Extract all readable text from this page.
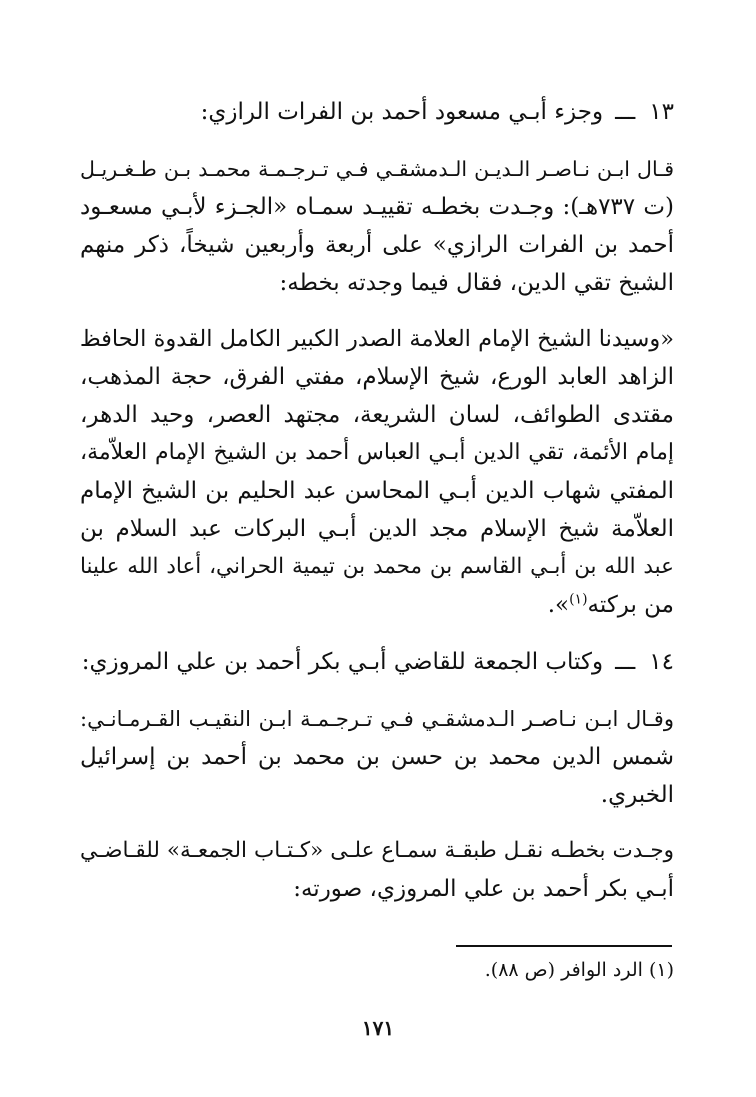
١٣ـــوجزء أبـي مسعود أحمد بن الفرات الرازي:
قـال ابـن نـاصـر الـديـن الـدمشقـي فـي تـرجـمـة محمـد بـن طـغـريـل
(ت ٧٣٧هـ): وجـدت بخطـه تقييـد سمـاه «الجـزء لأبـي مسعـود
أحمد بن الفرات الرازي» على أربعة وأربعين شيخاً، ذكر منهم
الشيخ تقي الدين، فقال فيما وجدته بخطه:
«وسيدنا الشيخ الإمام العلامة الصدر الكبير الكامل القدوة الحافظ
الزاهد العابد الورع، شيخ الإسلام، مفتي الفرق، حجة المذهب،
مقتدى الطوائف، لسان الشريعة، مجتهد العصر، وحيد الدهر،
إمام الأئمة، تقي الدين أبـي العباس أحمد بن الشيخ الإمام العلاّمة،
المفتي شهاب الدين أبـي المحاسن عبد الحليم بن الشيخ الإمام
العلاّمة شيخ الإسلام مجد الدين أبـي البركات عبد السلام بن
عبد الله بن أبـي القاسم بن محمد بن تيمية الحراني، أعاد الله علينا
من بركته$^{(١)}$».
١٤ـــوكتاب الجمعة للقاضي أبـي بكر أحمد بن علي المروزي:
وقـال ابـن نـاصـر الـدمشقـي فـي تـرجـمـة ابـن النقيـب القـرمـانـي:
شمس الدين محمد بن حسن بن محمد بن أحمد بن إسرائيل
الخبري.
وجـدت بخطـه نقـل طبقـة سمـاع علـى «كـتـاب الجمعـة» للقـاضـي
أبـي بكر أحمد بن علي المروزي، صورته:
(١) الرد الوافر (ص ٨٨).
١٧١
